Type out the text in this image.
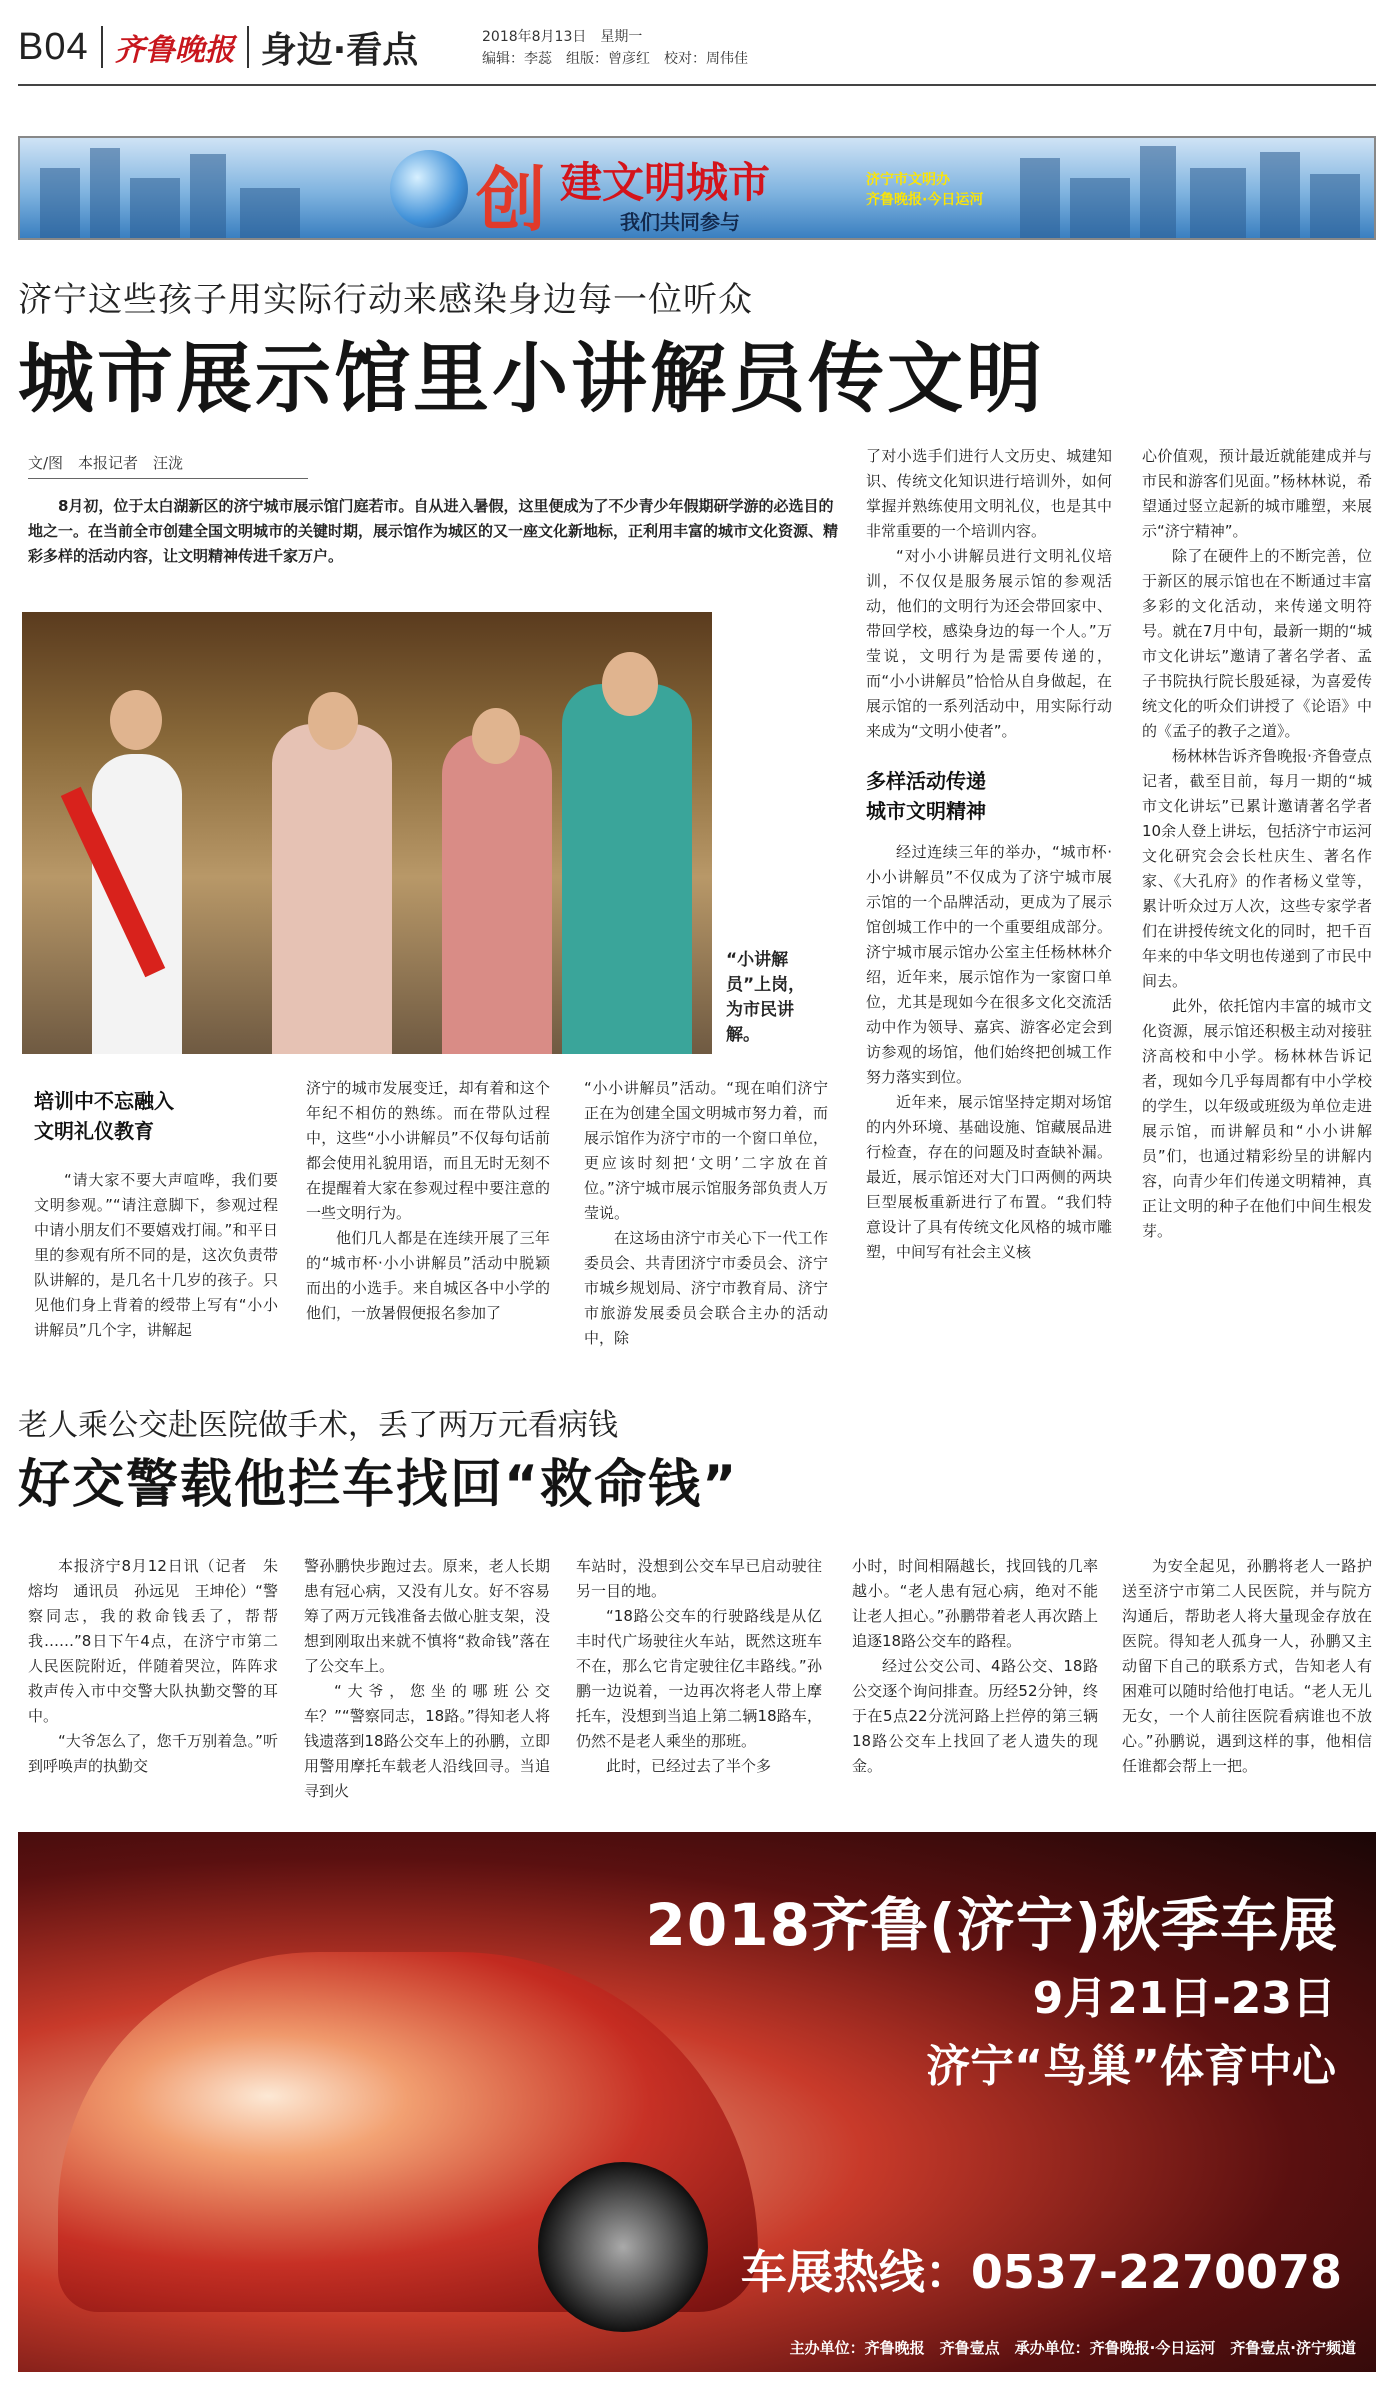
B04 齐鲁晚报 身边·看点	2018年8月13日　星期一
编辑：李蕊　组版：曾彦红　校对：周伟佳
创 建文明城市
我们共同参与
济宁市文明办
齐鲁晚报·今日运河
济宁这些孩子用实际行动来感染身边每一位听众
城市展示馆里小讲解员传文明
文/图　本报记者　汪泷
8月初，位于太白湖新区的济宁城市展示馆门庭若市。自从进入暑假，这里便成为了不少青少年假期研学游的必选目的地之一。在当前全市创建全国文明城市的关键时期，展示馆作为城区的又一座文化新地标，正利用丰富的城市文化资源、精彩多样的活动内容，让文明精神传进千家万户。
“小讲解员”上岗，为市民讲解。
培训中不忘融入
文明礼仪教育

“请大家不要大声喧哗，我们要文明参观。”“请注意脚下，参观过程中请小朋友们不要嬉戏打闹。”和平日里的参观有所不同的是，这次负责带队讲解的，是几名十几岁的孩子。只见他们身上背着的绶带上写有“小小讲解员”几个字，讲解起

济宁的城市发展变迁，却有着和这个年纪不相仿的熟练。而在带队过程中，这些“小小讲解员”不仅每句话前都会使用礼貌用语，而且无时无刻不在提醒着大家在参观过程中要注意的一些文明行为。

他们几人都是在连续开展了三年的“城市杯·小小讲解员”活动中脱颖而出的小选手。来自城区各中小学的他们，一放暑假便报名参加了

“小小讲解员”活动。“现在咱们济宁正在为创建全国文明城市努力着，而展示馆作为济宁市的一个窗口单位，更应该时刻把‘文明’二字放在首位。”济宁城市展示馆服务部负责人万莹说。

在这场由济宁市关心下一代工作委员会、共青团济宁市委员会、济宁市城乡规划局、济宁市教育局、济宁市旅游发展委员会联合主办的活动中，除

了对小选手们进行人文历史、城建知识、传统文化知识进行培训外，如何掌握并熟练使用文明礼仪，也是其中非常重要的一个培训内容。

“对小小讲解员进行文明礼仪培训，不仅仅是服务展示馆的参观活动，他们的文明行为还会带回家中、带回学校，感染身边的每一个人。”万莹说，文明行为是需要传递的，而“小小讲解员”恰恰从自身做起，在展示馆的一系列活动中，用实际行动来成为“文明小使者”。

多样活动传递
城市文明精神

经过连续三年的举办，“城市杯·小小讲解员”不仅成为了济宁城市展示馆的一个品牌活动，更成为了展示馆创城工作中的一个重要组成部分。济宁城市展示馆办公室主任杨林林介绍，近年来，展示馆作为一家窗口单位，尤其是现如今在很多文化交流活动中作为领导、嘉宾、游客必定会到访参观的场馆，他们始终把创城工作努力落实到位。

近年来，展示馆坚持定期对场馆的内外环境、基础设施、馆藏展品进行检查，存在的问题及时查缺补漏。最近，展示馆还对大门口两侧的两块巨型展板重新进行了布置。“我们特意设计了具有传统文化风格的城市雕塑，中间写有社会主义核

心价值观，预计最近就能建成并与市民和游客们见面。”杨林林说，希望通过竖立起新的城市雕塑，来展示“济宁精神”。

除了在硬件上的不断完善，位于新区的展示馆也在不断通过丰富多彩的文化活动，来传递文明符号。就在7月中旬，最新一期的“城市文化讲坛”邀请了著名学者、孟子书院执行院长殷延禄，为喜爱传统文化的听众们讲授了《论语》中的《孟子的教子之道》。

杨林林告诉齐鲁晚报·齐鲁壹点记者，截至目前，每月一期的“城市文化讲坛”已累计邀请著名学者10余人登上讲坛，包括济宁市运河文化研究会会长杜庆生、著名作家、《大孔府》的作者杨义堂等，累计听众过万人次，这些专家学者们在讲授传统文化的同时，把千百年来的中华文明也传递到了市民中间去。

此外，依托馆内丰富的城市文化资源，展示馆还积极主动对接驻济高校和中小学。杨林林告诉记者，现如今几乎每周都有中小学校的学生，以年级或班级为单位走进展示馆，而讲解员和“小小讲解员”们，也通过精彩纷呈的讲解内容，向青少年们传递文明精神，真正让文明的种子在他们中间生根发芽。

老人乘公交赴医院做手术，丢了两万元看病钱
好交警载他拦车找回“救命钱”

本报济宁8月12日讯（记者　朱熔均　通讯员　孙远见　王坤伦）“警察同志，我的救命钱丢了，帮帮我……”8日下午4点，在济宁市第二人民医院附近，伴随着哭泣，阵阵求救声传入市中交警大队执勤交警的耳中。

“大爷怎么了，您千万别着急。”听到呼唤声的执勤交

警孙鹏快步跑过去。原来，老人长期患有冠心病，又没有儿女。好不容易筹了两万元钱准备去做心脏支架，没想到刚取出来就不慎将“救命钱”落在了公交车上。

“大爷，您坐的哪班公交车？”“警察同志，18路。”得知老人将钱遗落到18路公交车上的孙鹏，立即用警用摩托车载老人沿线回寻。当追寻到火

车站时，没想到公交车早已启动驶往另一目的地。

“18路公交车的行驶路线是从亿丰时代广场驶往火车站，既然这班车不在，那么它肯定驶往亿丰路线。”孙鹏一边说着，一边再次将老人带上摩托车，没想到当追上第二辆18路车，仍然不是老人乘坐的那班。

此时，已经过去了半个多

小时，时间相隔越长，找回钱的几率越小。“老人患有冠心病，绝对不能让老人担心。”孙鹏带着老人再次踏上追逐18路公交车的路程。

经过公交公司、4路公交、18路公交逐个询问排查。历经52分钟，终于在5点22分洸河路上拦停的第三辆18路公交车上找回了老人遗失的现金。

为安全起见，孙鹏将老人一路护送至济宁市第二人民医院，并与院方沟通后，帮助老人将大量现金存放在医院。得知老人孤身一人，孙鹏又主动留下自己的联系方式，告知老人有困难可以随时给他打电话。“老人无儿无女，一个人前往医院看病谁也不放心。”孙鹏说，遇到这样的事，他相信任谁都会帮上一把。

2018齐鲁(济宁)秋季车展
9月21日-23日
济宁“鸟巢”体育中心
车展热线：0537-2270078
主办单位：齐鲁晚报　齐鲁壹点　承办单位：齐鲁晚报·今日运河　齐鲁壹点·济宁频道
